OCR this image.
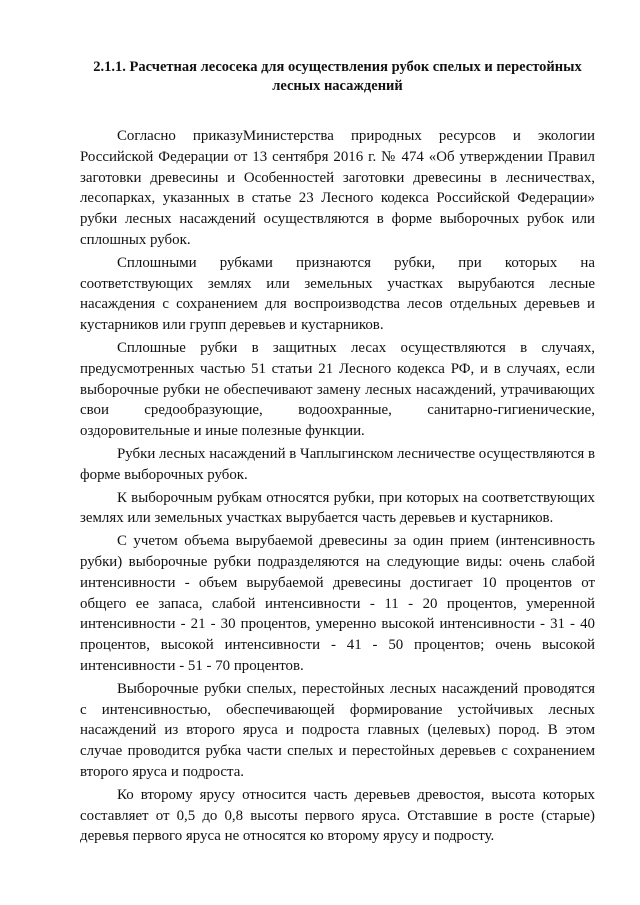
2.1.1. Расчетная лесосека для осуществления рубок спелых и перестойных лесных насаждений

Согласно приказуМинистерства природных ресурсов и экологии Российской Федерации от 13 сентября 2016 г. № 474 «Об утверждении Правил заготовки древесины и Особенностей заготовки древесины в лесничествах, лесопарках, указанных в статье 23 Лесного кодекса Российской Федерации» рубки лесных насаждений осуществляются в форме выборочных рубок или сплошных рубок.

Сплошными рубками признаются рубки, при которых на соответствующих землях или земельных участках вырубаются лесные насаждения с сохранением для воспроизводства лесов отдельных деревьев и кустарников или групп деревьев и кустарников.

Сплошные рубки в защитных лесах осуществляются в случаях, предусмотренных частью 51 статьи 21 Лесного кодекса РФ, и в случаях, если выборочные рубки не обеспечивают замену лесных насаждений, утрачивающих свои средообразующие, водоохранные, санитарно-гигиенические, оздоровительные и иные полезные функции.

Рубки лесных насаждений в Чаплыгинском лесничестве осуществляются в форме выборочных рубок.

К выборочным рубкам относятся рубки, при которых на соответствующих землях или земельных участках вырубается часть деревьев и кустарников.

С учетом объема вырубаемой древесины за один прием (интенсивность рубки) выборочные рубки подразделяются на следующие виды: очень слабой интенсивности - объем вырубаемой древесины достигает 10 процентов от общего ее запаса, слабой интенсивности - 11 - 20 процентов, умеренной интенсивности - 21 - 30 процентов, умеренно высокой интенсивности - 31 - 40 процентов, высокой интенсивности - 41 - 50 процентов; очень высокой интенсивности - 51 - 70 процентов.

Выборочные рубки спелых, перестойных лесных насаждений проводятся с интенсивностью, обеспечивающей формирование устойчивых лесных насаждений из второго яруса и подроста главных (целевых) пород. В этом случае проводится рубка части спелых и перестойных деревьев с сохранением второго яруса и подроста.

Ко второму ярусу относится часть деревьев древостоя, высота которых составляет от 0,5 до 0,8 высоты первого яруса. Отставшие в росте (старые) деревья первого яруса не относятся ко второму ярусу и подросту.
